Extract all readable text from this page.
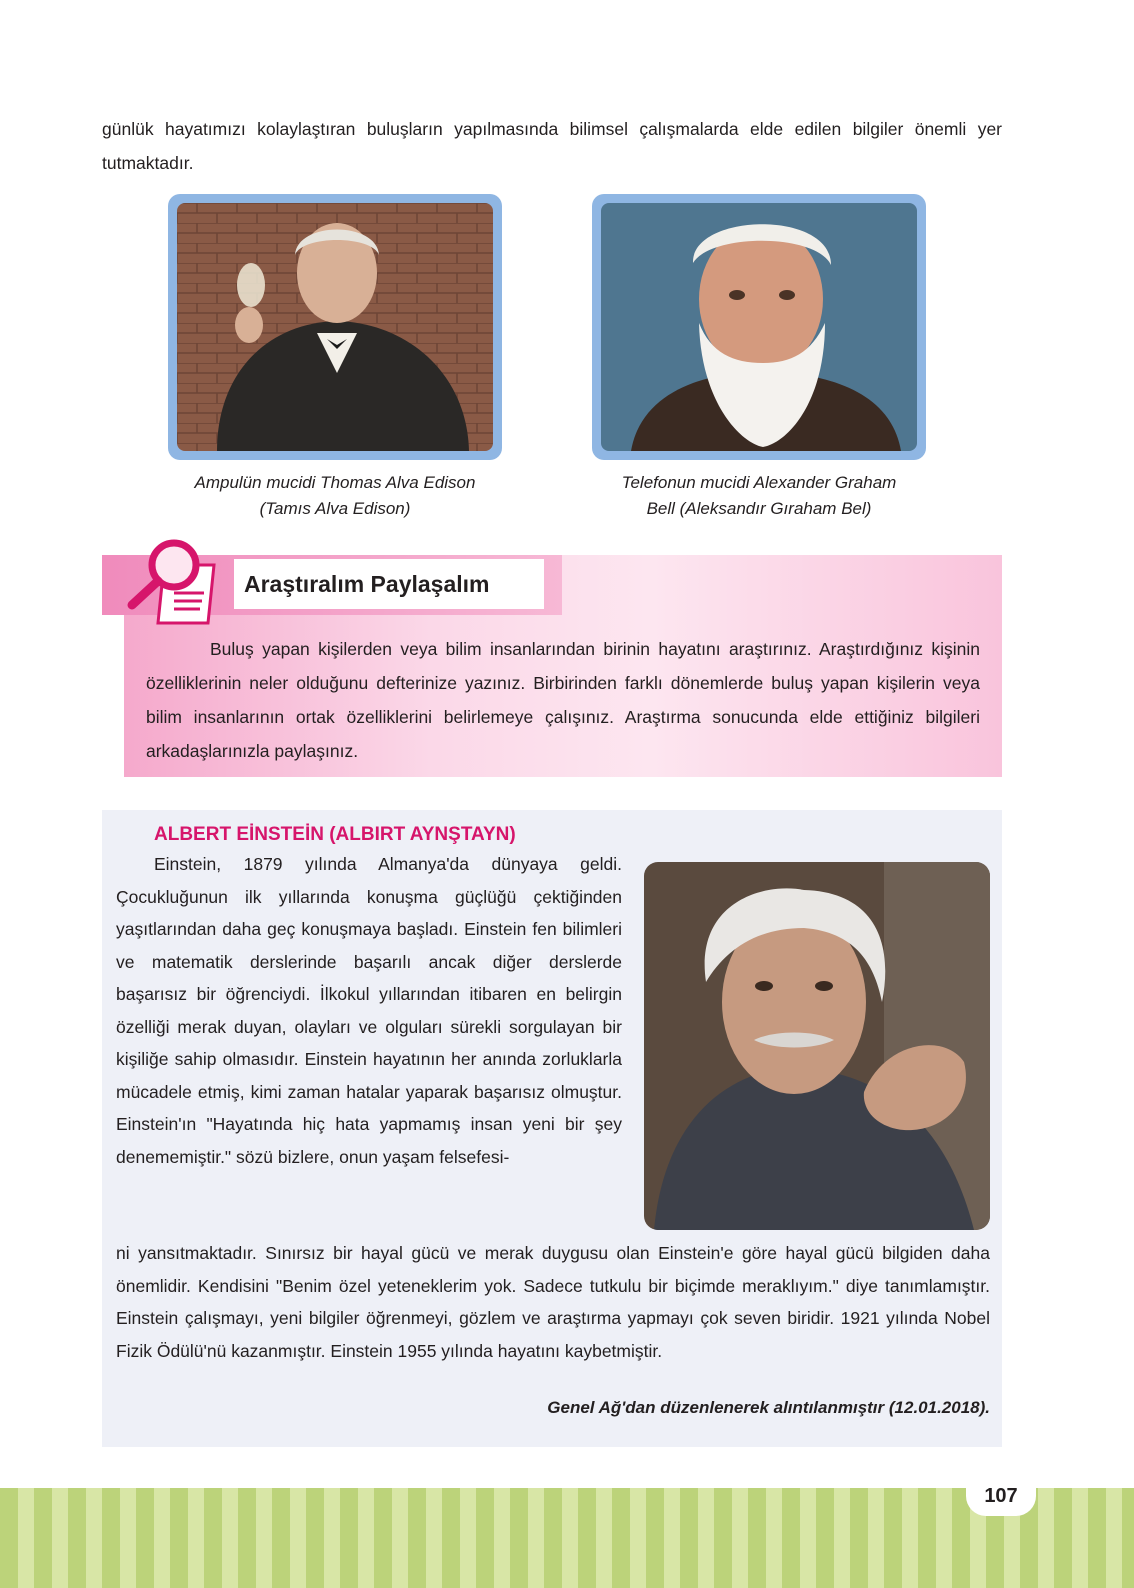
günlük hayatımızı kolaylaştıran buluşların yapılmasında bilimsel çalışmalarda elde edilen bilgiler önemli yer tutmaktadır.
Ampulün mucidi Thomas Alva Edison
(Tamıs Alva Edison)
Telefonun mucidi Alexander Graham
Bell (Aleksandır Gıraham Bel)
Araştıralım Paylaşalım
Buluş yapan kişilerden veya bilim insanlarından birinin hayatını araştırınız. Araştırdığınız kişinin özelliklerinin neler olduğunu defterinize yazınız. Birbirinden farklı dönemlerde buluş yapan kişilerin veya bilim insanlarının ortak özelliklerini belirlemeye çalışınız. Araştırma sonucunda elde ettiğiniz bilgileri arkadaşlarınızla paylaşınız.
ALBERT EİNSTEİN (ALBIRT AYNŞTAYN)

Einstein, 1879 yılında Almanya'da dünyaya geldi. Çocukluğunun ilk yıllarında konuşma güçlüğü çektiğinden yaşıtlarından daha geç konuşmaya başladı. Einstein fen bilimleri ve matematik derslerinde başarılı ancak diğer derslerde başarısız bir öğrenciydi. İlkokul yıllarından itibaren en belirgin özelliği merak duyan, olayları ve olguları sürekli sorgulayan bir kişiliğe sahip olmasıdır. Einstein hayatının her anında zorluklarla mücadele etmiş, kimi zaman hatalar yaparak başarısız olmuştur. Einstein'ın "Hayatında hiç hata yapmamış insan yeni bir şey denememiştir." sözü bizlere, onun yaşam felsefesi-

ni yansıtmaktadır. Sınırsız bir hayal gücü ve merak duygusu olan Einstein'e göre hayal gücü bilgiden daha önemlidir. Kendisini "Benim özel yeteneklerim yok. Sadece tutkulu bir biçimde meraklıyım." diye tanımlamıştır. Einstein çalışmayı, yeni bilgiler öğrenmeyi, gözlem ve araştırma yapmayı çok seven biridir. 1921 yılında Nobel Fizik Ödülü'nü kazanmıştır. Einstein 1955 yılında hayatını kaybetmiştir.
Genel Ağ'dan düzenlenerek alıntılanmıştır (12.01.2018).
107
